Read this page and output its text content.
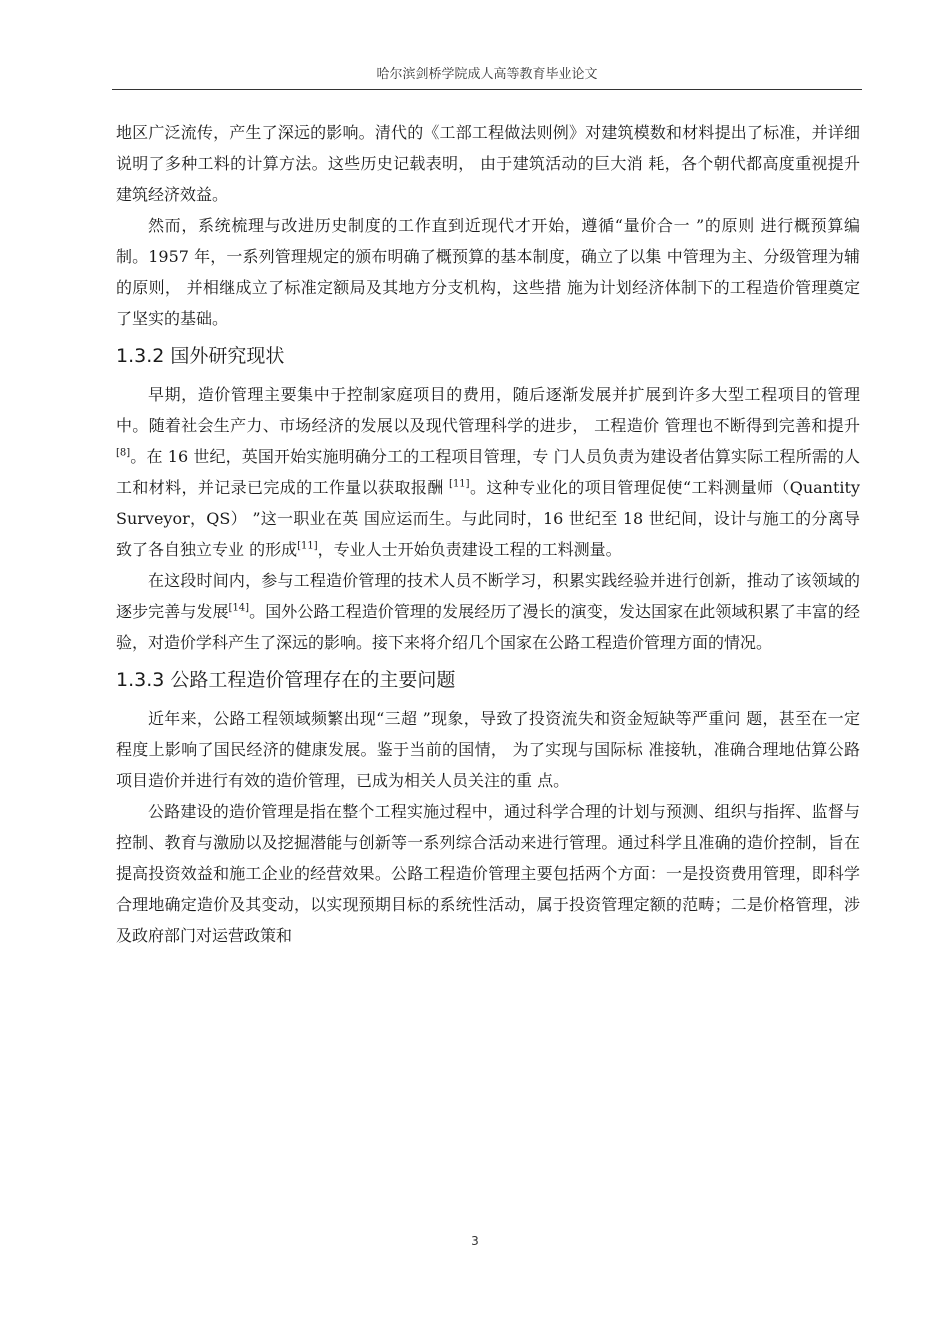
哈尔滨剑桥学院成人高等教育毕业论文

地区广泛流传，产生了深远的影响。清代的《工部工程做法则例》对建筑模数和材料提出了标准，并详细说明了多种工料的计算方法。这些历史记载表明， 由于建筑活动的巨大消 耗，各个朝代都高度重视提升建筑经济效益。

然而，系统梳理与改进历史制度的工作直到近现代才开始，遵循“量价合一 ”的原则 进行概预算编制。1957 年，一系列管理规定的颁布明确了概预算的基本制度，确立了以集 中管理为主、分级管理为辅的原则， 并相继成立了标准定额局及其地方分支机构，这些措 施为计划经济体制下的工程造价管理奠定了坚实的基础。

1.3.2 国外研究现状

早期，造价管理主要集中于控制家庭项目的费用，随后逐渐发展并扩展到许多大型工程项目的管理中。随着社会生产力、市场经济的发展以及现代管理科学的进步， 工程造价 管理也不断得到完善和提升[8]。在 16 世纪，英国开始实施明确分工的工程项目管理，专 门人员负责为建设者估算实际工程所需的人工和材料，并记录已完成的工作量以获取报酬 [11]。这种专业化的项目管理促使“工料测量师（Quantity Surveyor，QS） ”这一职业在英 国应运而生。与此同时，16 世纪至 18 世纪间，设计与施工的分离导致了各自独立专业 的形成[11]，专业人士开始负责建设工程的工料测量。

在这段时间内，参与工程造价管理的技术人员不断学习，积累实践经验并进行创新，推动了该领域的逐步完善与发展[14]。国外公路工程造价管理的发展经历了漫长的演变，发达国家在此领域积累了丰富的经验，对造价学科产生了深远的影响。接下来将介绍几个国家在公路工程造价管理方面的情况。

1.3.3 公路工程造价管理存在的主要问题

近年来，公路工程领域频繁出现“三超 ”现象，导致了投资流失和资金短缺等严重问 题，甚至在一定程度上影响了国民经济的健康发展。鉴于当前的国情， 为了实现与国际标 准接轨，准确合理地估算公路项目造价并进行有效的造价管理，已成为相关人员关注的重 点。

公路建设的造价管理是指在整个工程实施过程中，通过科学合理的计划与预测、组织与指挥、监督与控制、教育与激励以及挖掘潜能与创新等一系列综合活动来进行管理。通过科学且准确的造价控制，旨在提高投资效益和施工企业的经营效果。公路工程造价管理主要包括两个方面：一是投资费用管理，即科学合理地确定造价及其变动，以实现预期目标的系统性活动，属于投资管理定额的范畴；二是价格管理，涉及政府部门对运营政策和

3
